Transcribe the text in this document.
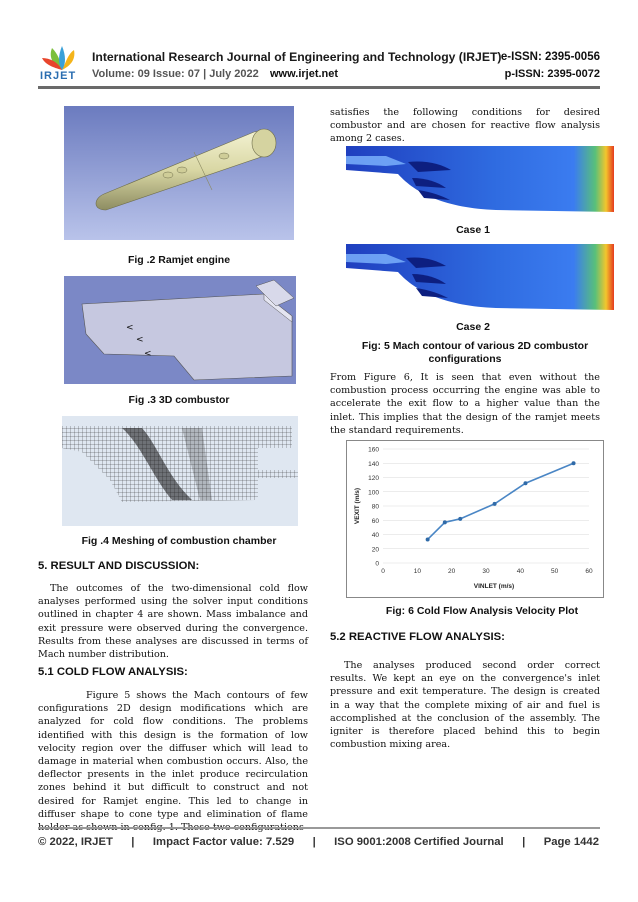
IRJET
International Research Journal of Engineering and Technology (IRJET) e-ISSN: 2395-0056
Volume: 09 Issue: 07 | July 2022 www.irjet.net	p-ISSN: 2395-0072
Fig .2 Ramjet engine
<
<
<
Fig .3 3D combustor
Fig .4 Meshing of combustion chamber
5. RESULT AND DISCUSSION:
The outcomes of the two-dimensional cold flow analyses performed using the solver input conditions outlined in chapter 4 are shown. Mass imbalance and exit pressure were observed during the convergence. Results from these analyses are discussed in terms of Mach number distribution.
5.1 COLD FLOW ANALYSIS:
Figure 5 shows the Mach contours of few configurations 2D design modifications which are analyzed for cold flow conditions. The problems identified with this design is the formation of low velocity region over the diffuser which will lead to damage in material when combustion occurs. Also, the deflector presents in the inlet produce recirculation zones behind it but difficult to construct and not desired for Ramjet engine. This led to change in diffuser shape to cone type and elimination of flame
satisfies the following conditions for desired combustor and are chosen for reactive flow analysis among 2 cases.
Case 1
Case 2
Fig: 5 Mach contour of various 2D combustor
configurations
From Figure 6, It is seen that even without the combustion process occurring the engine was able to accelerate the exit flow to a higher value than the inlet. This implies that the design of the ramjet meets the standard requirements.
0
20
40
60
80
100
120
140
160
0	10	20	30	40	50	60
VINLET (m/s)
VEXIT (m/s)
Fig: 6 Cold Flow Analysis Velocity Plot
5.2 REACTIVE FLOW ANALYSIS:
The analyses produced second order correct results. We kept an eye on the convergence's inlet pressure and exit temperature. The design is created in a way that the complete mixing of air and fuel is accomplished at the conclusion of the assembly. The igniter is therefore placed behind this to begin combustion mixing area.
© 2022, IRJET | Impact Factor value: 7.529 | ISO 9001:2008 Certified Journal | Page 1442
